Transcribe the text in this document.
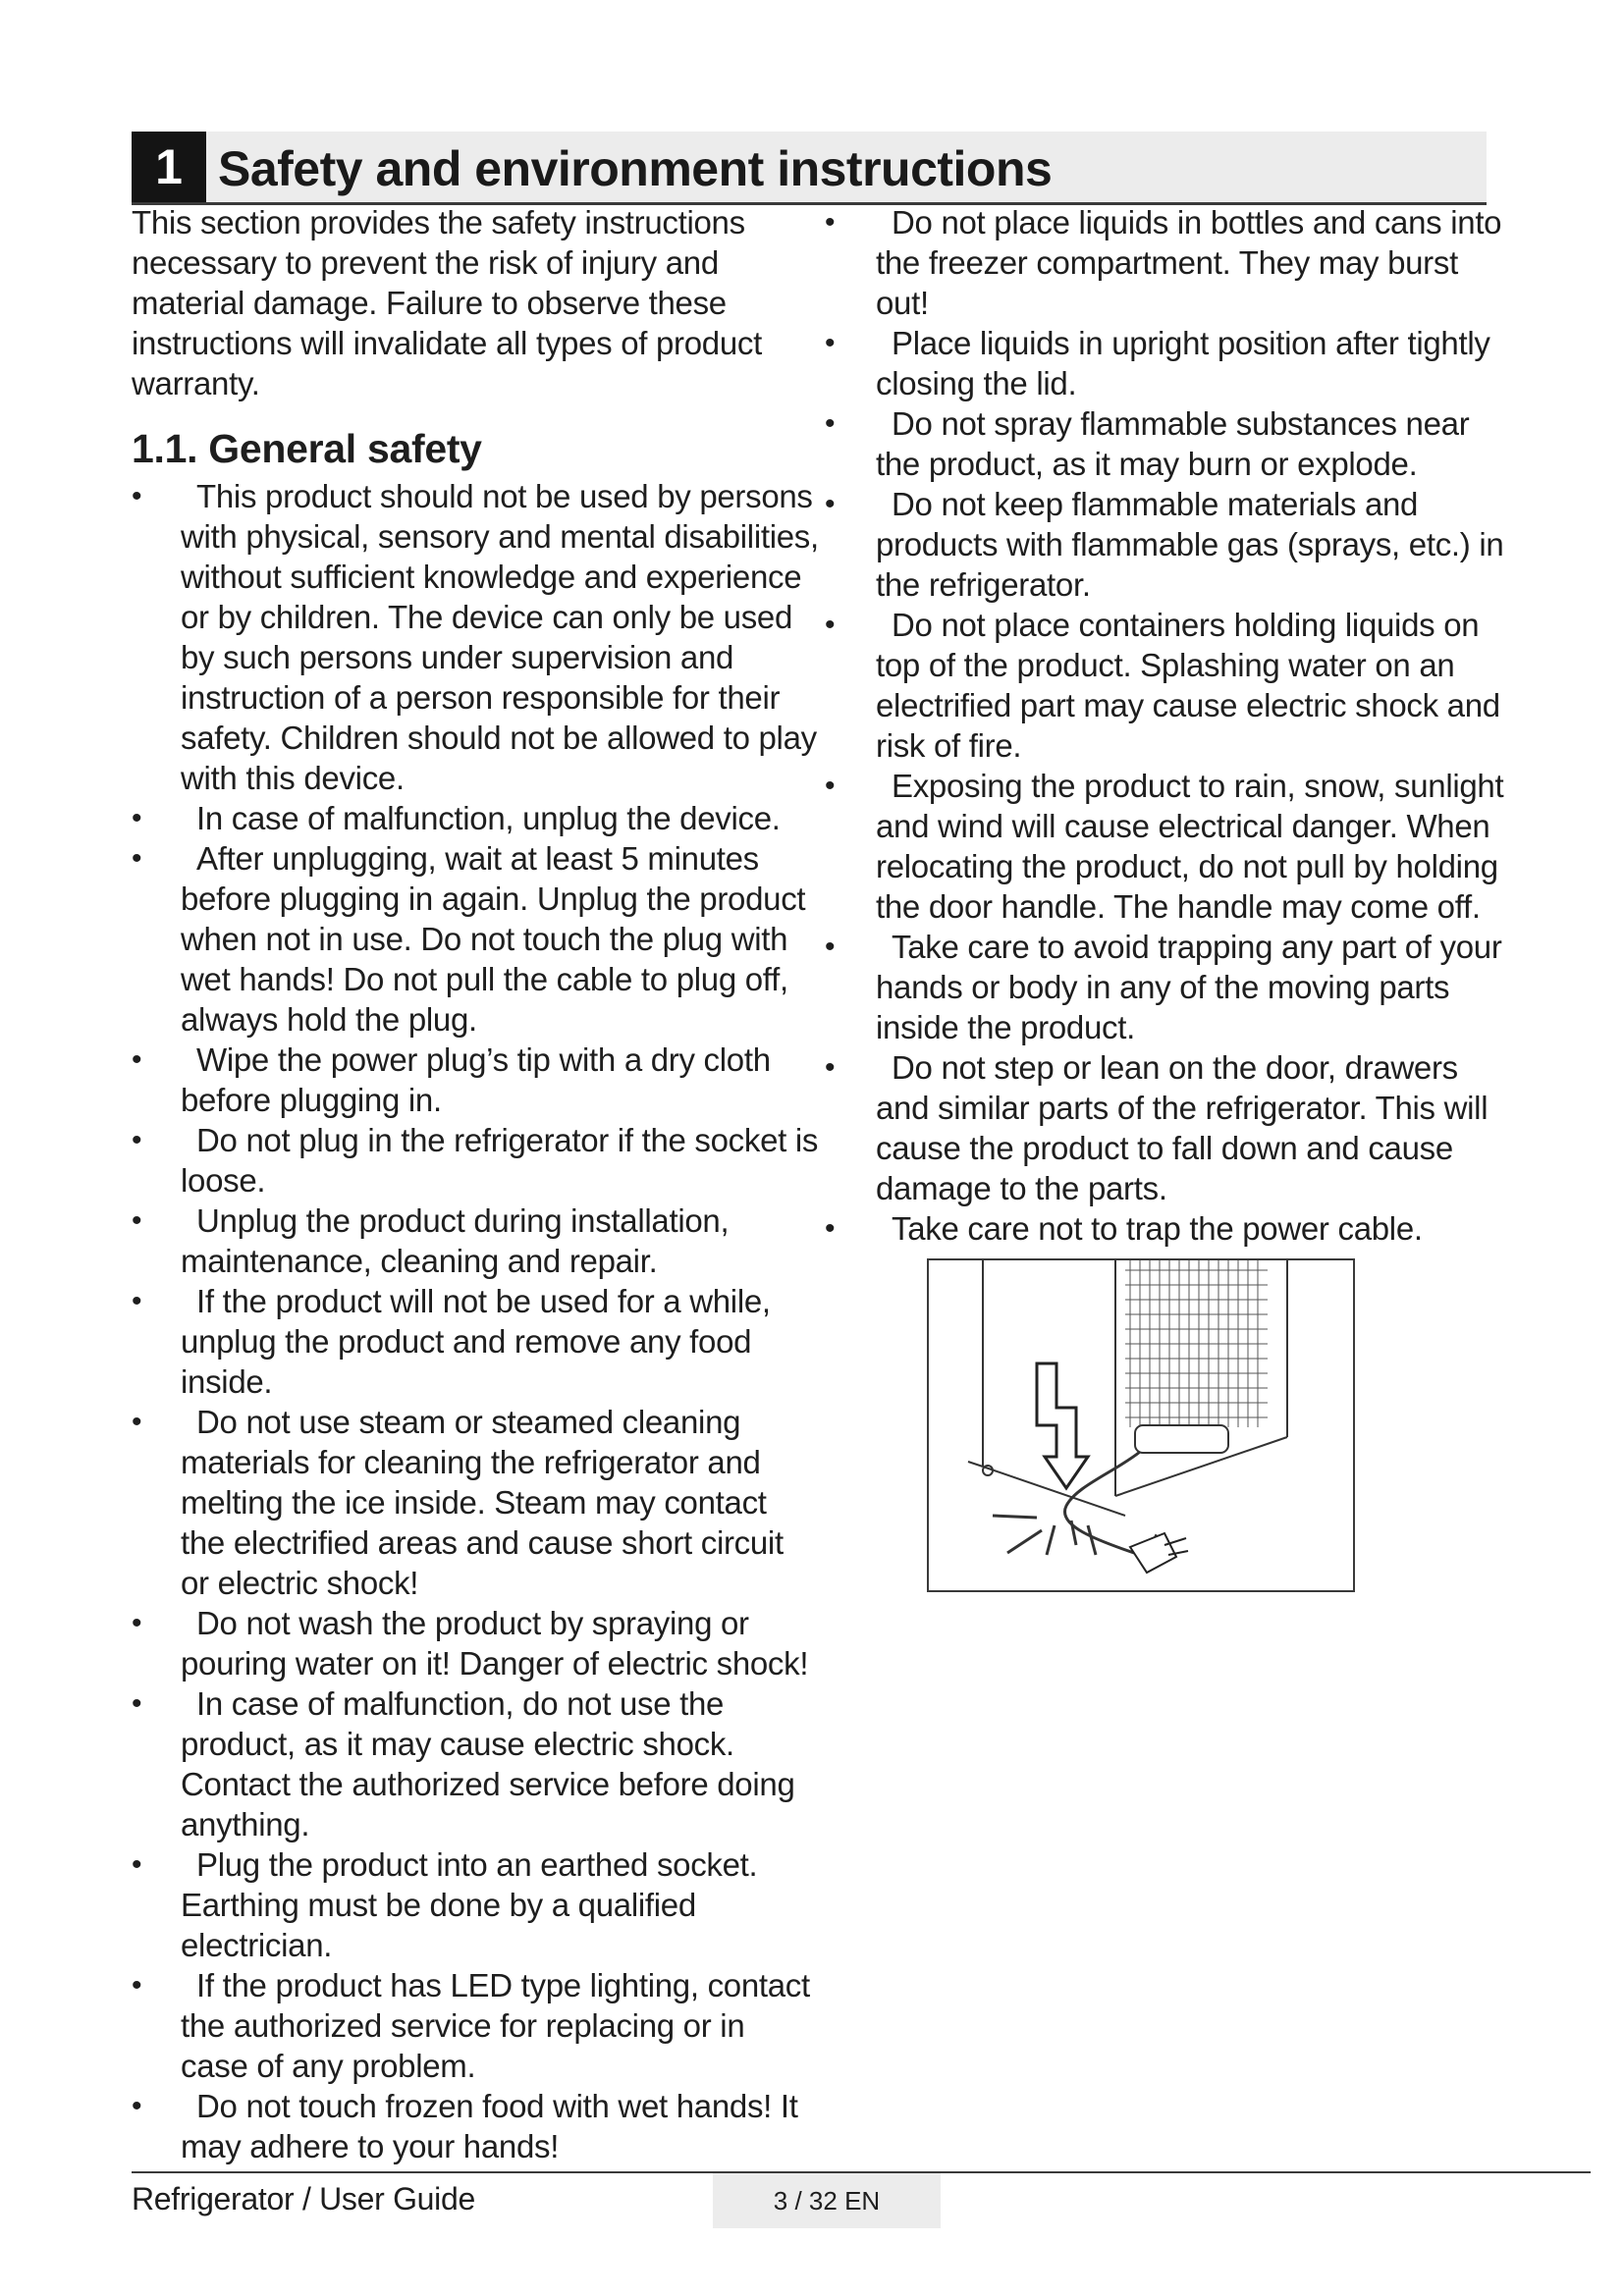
1 Safety and environment instructions

This section provides the safety instructions necessary to prevent the risk of injury and material damage. Failure to observe these instructions will invalidate all types of product warranty.

1.1. General safety
•
This product should not be used by persons with physical, sensory and mental disabilities, without sufficient knowledge and experience or by children. The device can only be used by such persons under supervision and instruction of a person responsible for their safety. Children should not be allowed to play with this device.
•
In case of malfunction, unplug the device.
•
After unplugging, wait at least 5 minutes before plugging in again. Unplug the product when not in use. Do not touch the plug with wet hands! Do not pull the cable to plug off, always hold the plug.
•
Wipe the power plug’s tip with a dry cloth before plugging in.
•
Do not plug in the refrigerator if the socket is loose.
•
Unplug the product during installation, maintenance, cleaning and repair.
•
If the product will not be used for a while, unplug the product and remove any food inside.
•
Do not use steam or steamed cleaning materials for cleaning the refrigerator and melting the ice inside. Steam may contact the electrified areas and cause short circuit or electric shock!
•
Do not wash the product by spraying or pouring water on it! Danger of electric shock!
•
In case of malfunction, do not use the product, as it may cause electric shock. Contact the authorized service before doing anything.
•
Plug the product into an earthed socket. Earthing must be done by a qualified electrician.
•
If the product has LED type lighting, contact the authorized service for replacing or in case of any problem.
•
Do not touch frozen food with wet hands! It may adhere to your hands!
•
Do not place liquids in bottles and cans into the freezer compartment. They may burst out!
•
Place liquids in upright position after tightly closing the lid.
•
Do not spray flammable substances near the product, as it may burn or explode.
•
Do not keep flammable materials and products with flammable gas (sprays, etc.) in the refrigerator.
•
Do not place containers holding liquids on top of the product. Splashing water on an electrified part may cause electric shock and risk of fire.
•
Exposing the product to rain, snow, sunlight and wind will cause electrical danger. When relocating the product, do not pull by holding the door handle. The handle may come off.
•
Take care to avoid trapping any part of your hands or body in any of the moving parts inside the product.
•
Do not step or lean on the door, drawers and similar parts of the refrigerator. This will cause the product to fall down and cause damage to the parts.
•
Take care not to trap the power cable.
Refrigerator / User Guide	3 / 32 EN
